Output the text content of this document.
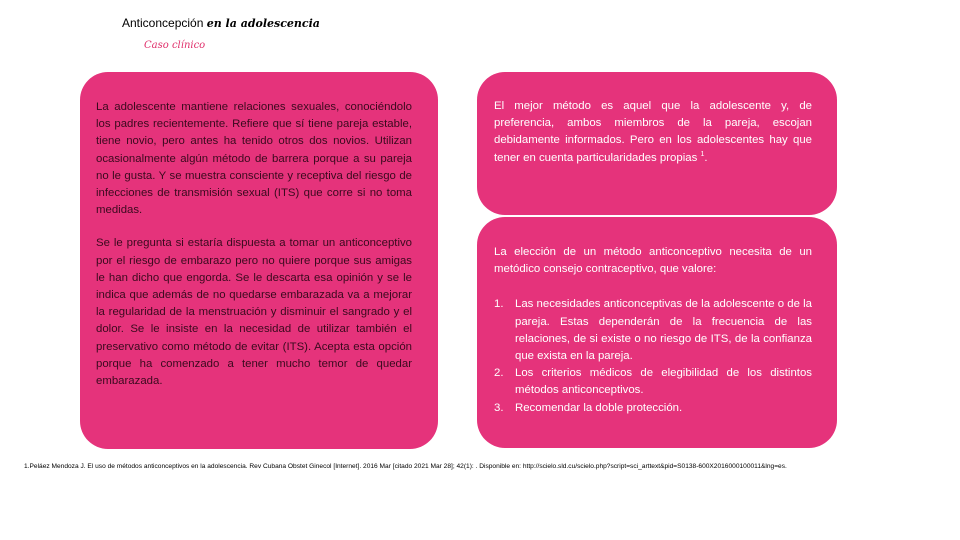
Anticoncepción en la adolescencia
Caso clínico

La adolescente mantiene relaciones sexuales, conociéndolo los padres recientemente. Refiere que sí tiene pareja estable, tiene novio, pero antes ha tenido otros dos novios. Utilizan ocasionalmente algún método de barrera porque a su pareja no le gusta. Y se muestra consciente y receptiva del riesgo de infecciones de transmisión sexual (ITS) que corre si no toma medidas.

Se le pregunta si estaría dispuesta a tomar un anticonceptivo por el riesgo de embarazo pero no quiere porque sus amigas le han dicho que engorda. Se le descarta esa opinión y se le indica que además de no quedarse embarazada va a mejorar la regularidad de la menstruación y disminuir el sangrado y el dolor. Se le insiste en la necesidad de utilizar también el preservativo como método de evitar (ITS). Acepta esta opción porque ha comenzado a tener mucho temor de quedar embarazada.

El mejor método es aquel que la adolescente y, de preferencia, ambos miembros de la pareja, escojan debidamente informados. Pero en los adolescentes hay que tener en cuenta particularidades propias $^1$.

La elección de un método anticonceptivo necesita de un metódico consejo contraceptivo, que valore:

1. Las necesidades anticonceptivas de la adolescente o de la pareja. Estas dependerán de la frecuencia de las relaciones, de si existe o no riesgo de ITS, de la confianza que exista en la pareja.
2. Los criterios médicos de elegibilidad de los distintos métodos anticonceptivos.
3. Recomendar la doble protección.
1.Peláez Mendoza J. El uso de métodos anticonceptivos en la adolescencia. Rev Cubana Obstet Ginecol [Internet]. 2016 Mar [citado 2021 Mar 28]; 42(1): . Disponible en: http://scielo.sld.cu/scielo.php?script=sci_arttext&pid=S0138-600X2016000100011&lng=es.
